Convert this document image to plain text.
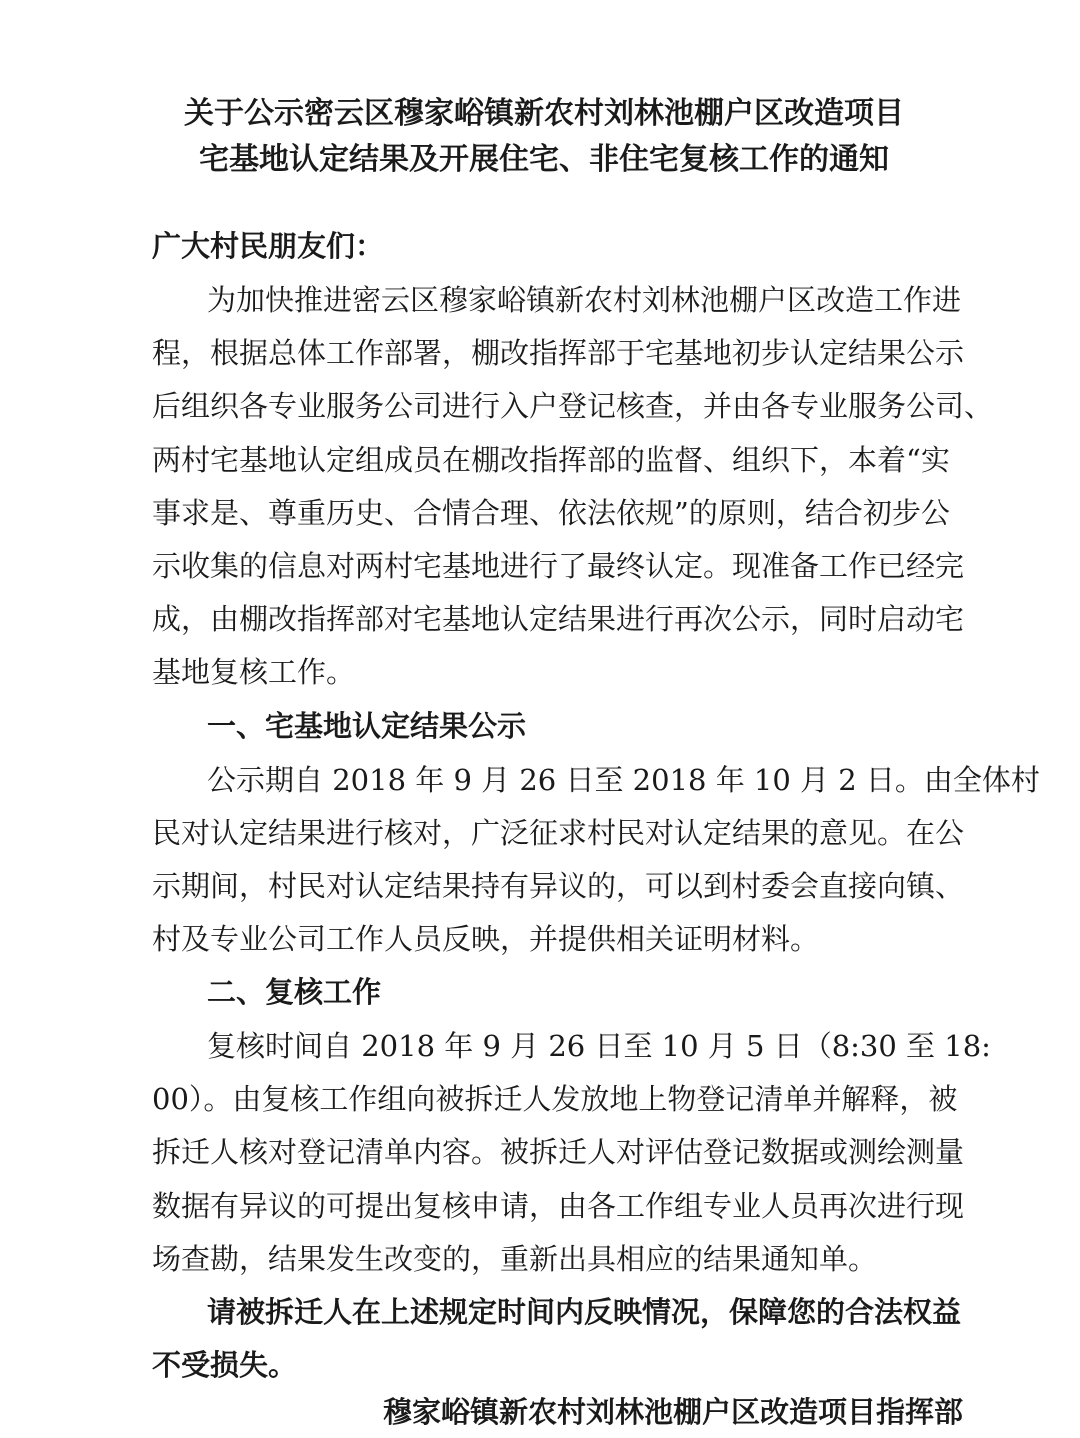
关于公示密云区穆家峪镇新农村刘林池棚户区改造项目
宅基地认定结果及开展住宅、非住宅复核工作的通知
广大村民朋友们：
为加快推进密云区穆家峪镇新农村刘林池棚户区改造工作进
程，根据总体工作部署，棚改指挥部于宅基地初步认定结果公示
后组织各专业服务公司进行入户登记核查，并由各专业服务公司、
两村宅基地认定组成员在棚改指挥部的监督、组织下，本着“实
事求是、尊重历史、合情合理、依法依规”的原则，结合初步公
示收集的信息对两村宅基地进行了最终认定。现准备工作已经完
成，由棚改指挥部对宅基地认定结果进行再次公示，同时启动宅
基地复核工作。
一、宅基地认定结果公示
公示期自 2018 年 9 月 26 日至 2018 年 10 月 2 日。由全体村
民对认定结果进行核对，广泛征求村民对认定结果的意见。在公
示期间，村民对认定结果持有异议的，可以到村委会直接向镇、
村及专业公司工作人员反映，并提供相关证明材料。
二、复核工作
复核时间自 2018 年 9 月 26 日至 10 月 5 日（8:30 至 18:
00）。由复核工作组向被拆迁人发放地上物登记清单并解释，被
拆迁人核对登记清单内容。被拆迁人对评估登记数据或测绘测量
数据有异议的可提出复核申请，由各工作组专业人员再次进行现
场查勘，结果发生改变的，重新出具相应的结果通知单。
请被拆迁人在上述规定时间内反映情况，保障您的合法权益
不受损失。
穆家峪镇新农村刘林池棚户区改造项目指挥部
